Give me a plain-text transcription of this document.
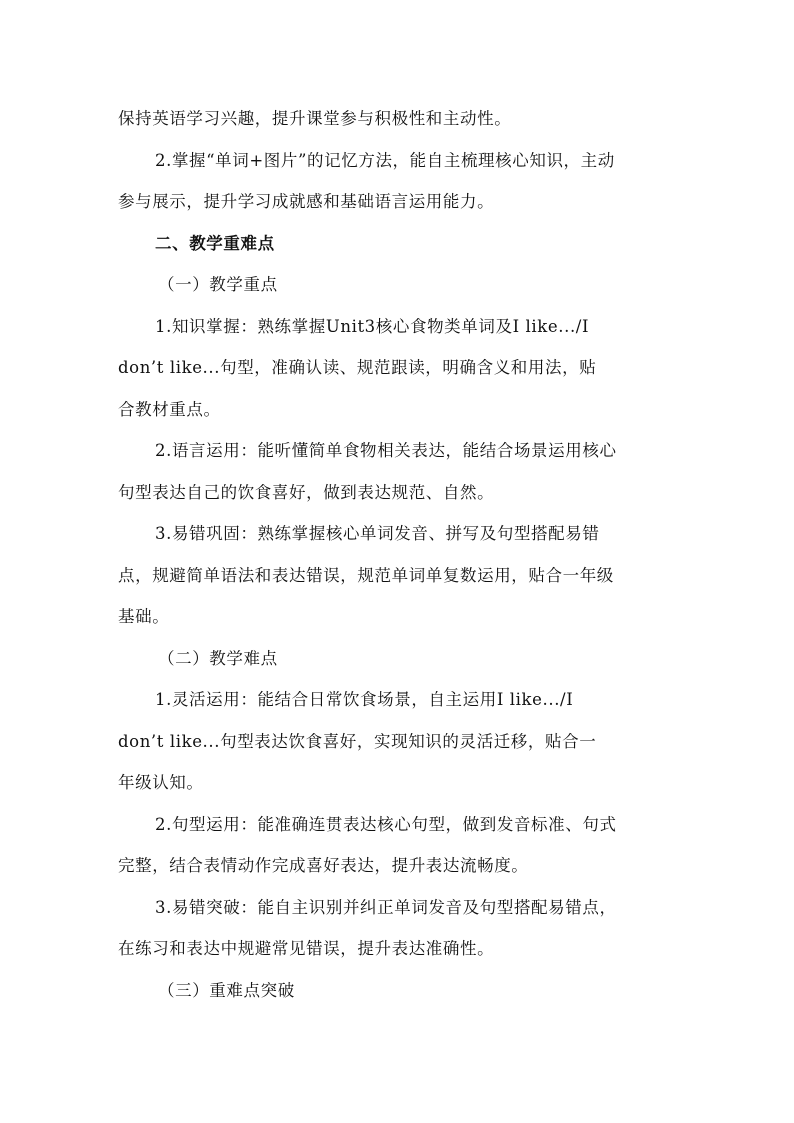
保持英语学习兴趣，提升课堂参与积极性和主动性。
2.掌握“单词+图片”的记忆方法，能自主梳理核心知识，主动
参与展示，提升学习成就感和基础语言运用能力。
二、教学重难点
（一）教学重点
1.知识掌握：熟练掌握Unit3核心食物类单词及I like.../I
don’t like...句型，准确认读、规范跟读，明确含义和用法，贴
合教材重点。
2.语言运用：能听懂简单食物相关表达，能结合场景运用核心
句型表达自己的饮食喜好，做到表达规范、自然。
3.易错巩固：熟练掌握核心单词发音、拼写及句型搭配易错
点，规避简单语法和表达错误，规范单词单复数运用，贴合一年级
基础。
（二）教学难点
1.灵活运用：能结合日常饮食场景，自主运用I like.../I
don’t like...句型表达饮食喜好，实现知识的灵活迁移，贴合一
年级认知。
2.句型运用：能准确连贯表达核心句型，做到发音标准、句式
完整，结合表情动作完成喜好表达，提升表达流畅度。
3.易错突破：能自主识别并纠正单词发音及句型搭配易错点，
在练习和表达中规避常见错误，提升表达准确性。
（三）重难点突破
